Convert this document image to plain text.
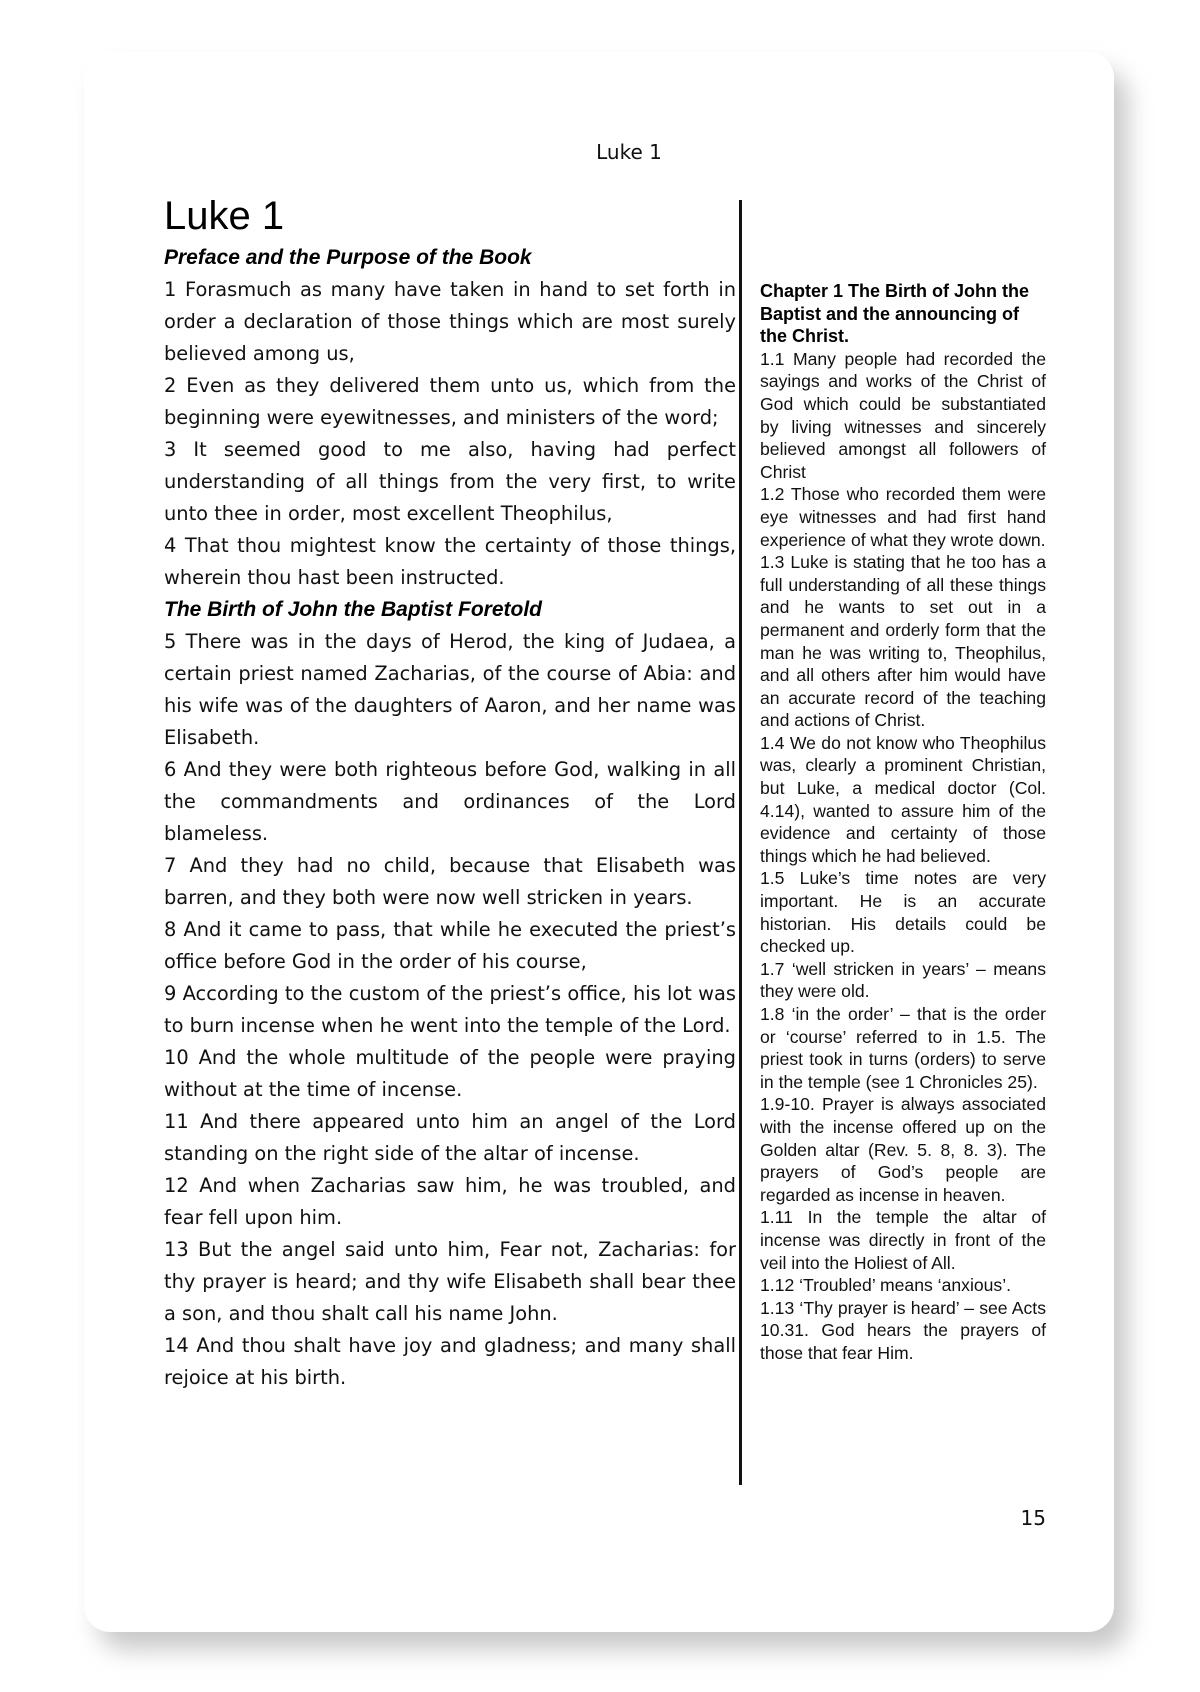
Luke 1
Luke 1
Preface and the Purpose of the Book
1 Forasmuch as many have taken in hand to set forth in order a declaration of those things which are most surely believed among us,
2 Even as they delivered them unto us, which from the beginning were eyewitnesses, and ministers of the word;
3 It seemed good to me also, having had perfect understanding of all things from the very first, to write unto thee in order, most excellent Theophilus,
4 That thou mightest know the certainty of those things, wherein thou hast been instructed.
The Birth of John the Baptist Foretold
5 There was in the days of Herod, the king of Judaea, a certain priest named Zacharias, of the course of Abia: and his wife was of the daughters of Aaron, and her name was Elisabeth.
6 And they were both righteous before God, walking in all the commandments and ordinances of the Lord blameless.
7 And they had no child, because that Elisabeth was barren, and they both were now well stricken in years.
8 And it came to pass, that while he executed the priest’s office before God in the order of his course,
9 According to the custom of the priest’s office, his lot was to burn incense when he went into the temple of the Lord.
10 And the whole multitude of the people were praying without at the time of incense.
11 And there appeared unto him an angel of the Lord standing on the right side of the altar of incense.
12 And when Zacharias saw him, he was troubled, and fear fell upon him.
13 But the angel said unto him, Fear not, Zacharias: for thy prayer is heard; and thy wife Elisabeth shall bear thee a son, and thou shalt call his name John.
14 And thou shalt have joy and gladness; and many shall rejoice at his birth.
Chapter 1 The Birth of John the Baptist and the announcing of the Christ.
1.1 Many people had recorded the sayings and works of the Christ of God which could be substantiated by living witnesses and sincerely believed amongst all followers of Christ
1.2 Those who recorded them were eye witnesses and had first hand experience of what they wrote down.
1.3 Luke is stating that he too has a full understanding of all these things and he wants to set out in a permanent and orderly form that the man he was writing to, Theophilus, and all others after him would have an accurate record of the teaching and actions of Christ.
1.4 We do not know who Theophilus was, clearly a prominent Christian, but Luke, a medical doctor (Col. 4.14), wanted to assure him of the evidence and certainty of those things which he had believed.
1.5 Luke’s time notes are very important. He is an accurate historian. His details could be checked up.
1.7 ‘well stricken in years’ – means they were old.
1.8 ‘in the order’ – that is the order or ‘course’ referred to in 1.5. The priest took in turns (orders) to serve in the temple (see 1 Chronicles 25).
1.9-10. Prayer is always associated with the incense offered up on the Golden altar (Rev. 5. 8, 8. 3). The prayers of God’s people are regarded as incense in heaven.
1.11 In the temple the altar of incense was directly in front of the veil into the Holiest of All.
1.12 ‘Troubled’ means ‘anxious’.
1.13 ‘Thy prayer is heard’ – see Acts 10.31. God hears the prayers of those that fear Him.
15
